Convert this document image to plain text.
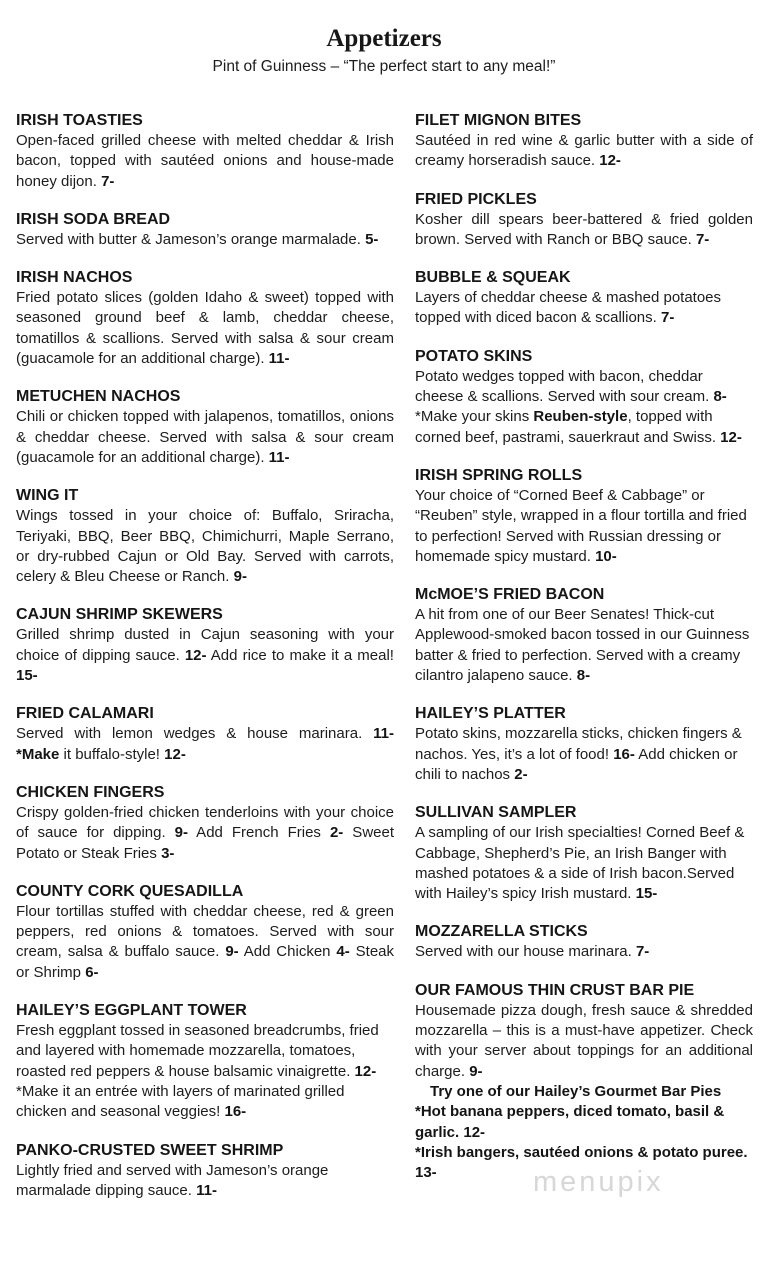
Appetizers

Pint of Guinness – “The perfect start to any meal!”

IRISH TOASTIES

Open-faced grilled cheese with melted cheddar & Irish bacon, topped with sautéed onions and house-made honey dijon. 7-

IRISH SODA BREAD

Served with butter & Jameson’s orange marmalade. 5-

IRISH NACHOS

Fried potato slices (golden Idaho & sweet) topped with seasoned ground beef & lamb, cheddar cheese, tomatillos & scallions. Served with salsa & sour cream (guacamole for an additional charge). 11-

METUCHEN NACHOS

Chili or chicken topped with jalapenos, tomatillos, onions & cheddar cheese. Served with salsa & sour cream (guacamole for an additional charge). 11-

WING IT

Wings tossed in your choice of: Buffalo, Sriracha, Teriyaki, BBQ, Beer BBQ, Chimichurri, Maple Serrano, or dry-rubbed Cajun or Old Bay. Served with carrots, celery & Bleu Cheese or Ranch. 9-

CAJUN SHRIMP SKEWERS

Grilled shrimp dusted in Cajun seasoning with your choice of dipping sauce. 12- Add rice to make it a meal! 15-

FRIED CALAMARI

Served with lemon wedges & house marinara. 11- *Make it buffalo-style! 12-

CHICKEN FINGERS

Crispy golden-fried chicken tenderloins with your choice of sauce for dipping. 9- Add French Fries 2- Sweet Potato or Steak Fries 3-

COUNTY CORK QUESADILLA

Flour tortillas stuffed with cheddar cheese, red & green peppers, red onions & tomatoes. Served with sour cream, salsa & buffalo sauce. 9- Add Chicken 4- Steak or Shrimp 6-

HAILEY’S EGGPLANT TOWER

Fresh eggplant tossed in seasoned breadcrumbs, fried and layered with homemade mozzarella, tomatoes, roasted red peppers & house balsamic vinaigrette. 12- *Make it an entrée with layers of marinated grilled chicken and seasonal veggies! 16-

PANKO-CRUSTED SWEET SHRIMP

Lightly fried and served with Jameson’s orange marmalade dipping sauce. 11-

FILET MIGNON BITES

Sautéed in red wine & garlic butter with a side of creamy horseradish sauce. 12-

FRIED PICKLES

Kosher dill spears beer-battered & fried golden brown. Served with Ranch or BBQ sauce. 7-

BUBBLE & SQUEAK

Layers of cheddar cheese & mashed potatoes topped with diced bacon & scallions. 7-

POTATO SKINS

Potato wedges topped with bacon, cheddar cheese & scallions. Served with sour cream. 8- *Make your skins Reuben-style, topped with corned beef, pastrami, sauerkraut and Swiss. 12-

IRISH SPRING ROLLS

Your choice of “Corned Beef & Cabbage” or “Reuben” style, wrapped in a flour tortilla and fried to perfection! Served with Russian dressing or homemade spicy mustard. 10-

McMOE’S FRIED BACON

A hit from one of our Beer Senates! Thick-cut Applewood-smoked bacon tossed in our Guinness batter & fried to perfection. Served with a creamy cilantro jalapeno sauce. 8-

HAILEY’S PLATTER

Potato skins, mozzarella sticks, chicken fingers & nachos. Yes, it’s a lot of food! 16- Add chicken or chili to nachos 2-

SULLIVAN SAMPLER

A sampling of our Irish specialties! Corned Beef & Cabbage, Shepherd’s Pie, an Irish Banger with mashed potatoes & a side of Irish bacon.Served with Hailey’s spicy Irish mustard. 15-

MOZZARELLA STICKS

Served with our house marinara. 7-

OUR FAMOUS THIN CRUST BAR PIE

Housemade pizza dough, fresh sauce & shredded mozzarella – this is a must-have appetizer. Check with your server about toppings for an additional charge. 9-

Try one of our Hailey’s Gourmet Bar Pies

*Hot banana peppers, diced tomato, basil & garlic. 12-

*Irish bangers, sautéed onions & potato puree. 13-	menupix
